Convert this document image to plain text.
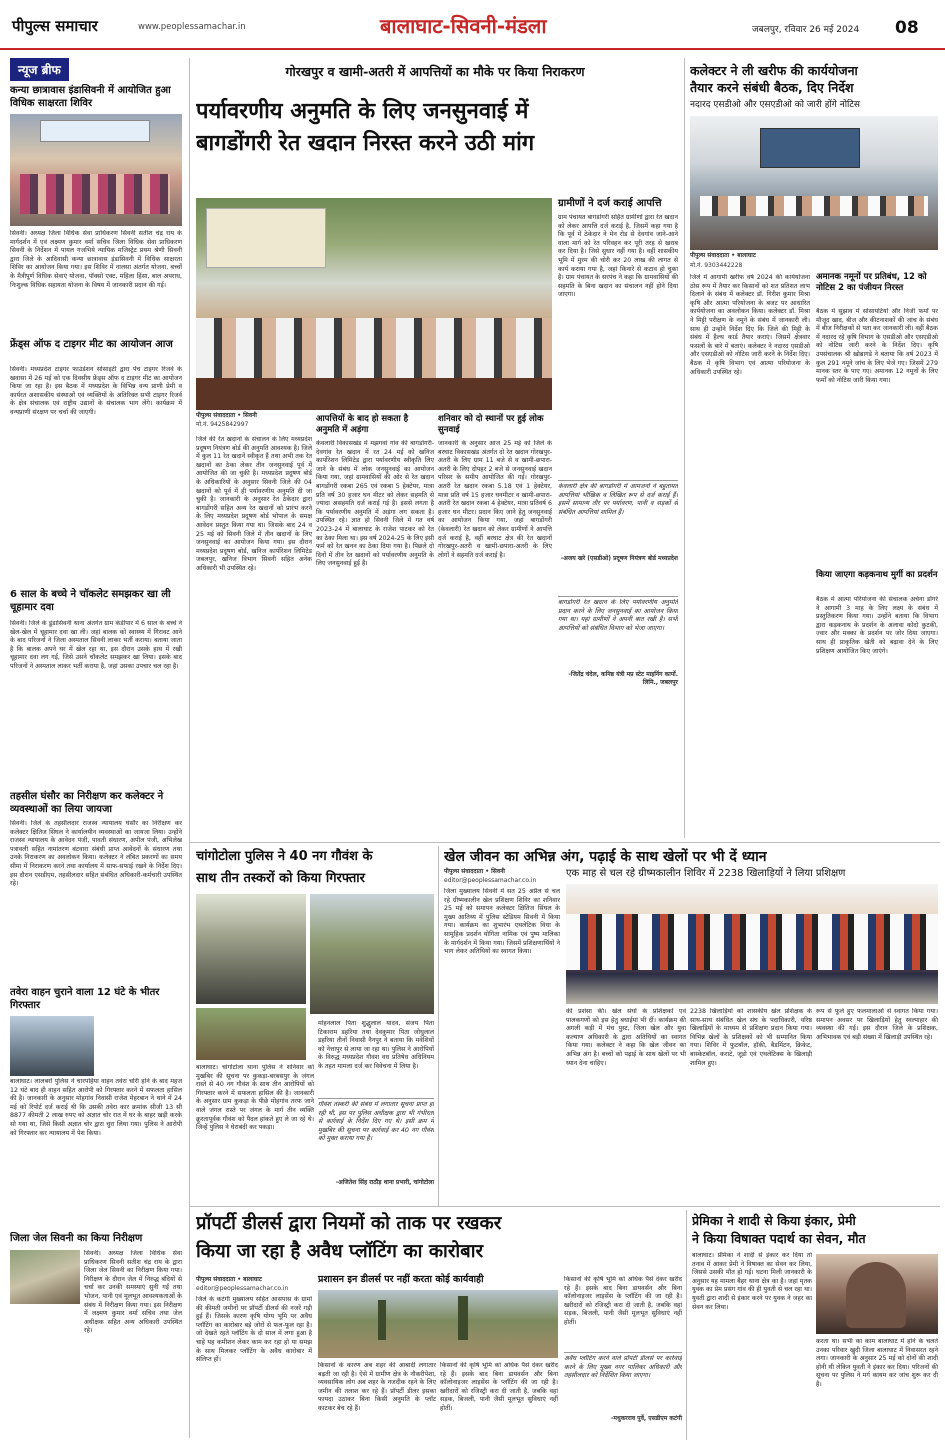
पीपुल्स समाचार	www.peoplessamachar.in	बालाघाट-सिवनी-मंडला	जबलपुर, रविवार 26 मई 2024 08
न्यूज ब्रीफ
कन्या छात्रावास इंडासिवनी में आयोजित हुआ विधिक साक्षरता शिविर
सिवनी। अध्यक्ष जिला विधिक सेवा प्राधिकरण सिवनी सतीश चंद्र राय के मार्गदर्शन में एवं लक्ष्मण कुमार वर्मा सचिव जिला विधिक सेवा प्राधिकरण सिवनी के निर्देशन में पायल गजभिये न्यायिक मजिस्ट्रेट प्रथम श्रेणी सिवनी द्वारा जिले के आदिवासी कन्या छात्रावास इंडासिवनी में विधिक साक्षरता शिविर का आयोजन किया गया। इस शिविर में नालसा अंतर्गत योजना, बच्चों के मैत्रीपूर्ण विधिक सेवाएं योजना, पॉक्सो एक्ट, महिला हिंसा, बाल अपराध, निःशुल्क विधिक सहायता योजना के विषय में जानकारी प्रदान की गई।
फ्रेंड्स ऑफ द टाइगर मीट का आयोजन आज
सिवनी। मध्यप्रदेश टाइगर फाउंडेशन सोसाइटी द्वारा पेंच टाइगर रिजर्व के खवासा में 26 मई को एक दिवसीय फ्रेंड्स ऑफ द टाइगर मीट का आयोजन किया जा रहा है। इस बैठक में मध्यप्रदेश के विभिन्न वन्य प्राणी प्रेमी व कार्यरत अशासकीय संस्थाओं एवं व्यक्तियों के अतिरिक्त सभी टाइगर रिजर्व के क्षेत्र संचालक एवं राष्ट्रीय उद्यानों के संचालक भाग लेंगे। कार्यक्रम में वन्यप्राणी संरक्षण पर चर्चा की जाएगी।
6 साल के बच्चे ने चॉकलेट समझकर खा ली चूहामार दवा
सिवनी। जिले के डूंडासिवनी थाना अंतर्गत ग्राम कंडीपार में 6 साल के बच्चे ने खेल-खेल में चूहामार दवा खा ली। जहां बालक को स्वास्थ्य में गिरावट आने के बाद परिजनों ने जिला अस्पताल सिवनी लाकर भर्ती कराया। बताया जाता है कि बालक अपने घर में खेल रहा था, इस दौरान उसके हाथ में रखी चूहामार दवा लग गई, जिसे उसने चॉकलेट समझकर खा लिया। इसके बाद परिजनों ने अस्पताल लाकर भर्ती कराया है, जहां उसका उपचार चल रहा है।
तहसील घंसौर का निरीक्षण कर कलेक्टर ने व्यवस्थाओं का लिया जायजा
सिवनी। जिले के तहसीलदार राजस्व न्यायालय घंसौर का निरीक्षण कर कलेक्टर क्षितिज सिंघल ने कार्यालयीन व्यवस्थाओं का जायजा लिया। उन्होंने राजस्व न्यायालय के आवेदन पंजी, पावती संधारण, अपील पंजी, अभिलेख पत्रावली सहित नामांतरण बंटवारा संबंधी प्राप्त आवेदनों के संधारण तथा उनके निराकरण का अवलोकन किया। कलेक्टर ने लंबित प्रकरणों का समय सीमा में निराकरण करने तथा कार्यालय में साफ-सफाई रखने के निर्देश दिए। इस दौरान एसडीएम, तहसीलदार सहित संबंधित अधिकारी-कर्मचारी उपस्थित रहे।
तवेरा वाहन चुराने वाला 12 घंटे के भीतर गिरफ्तार
बालाघाट। लालबर्रा पुलिस ने चारपहिया वाहन तवेरा चोरी होने के बाद महज 12 घंटे बाद ही वाहन सहित आरोपी को गिरफ्तार करने में सफलता हासिल की है। जानकारी के अनुसार मोहगांव निवासी राजेश मेहरबान ने थाने में 24 मई को रिपोर्ट दर्ज कराई थी कि उसकी तवेरा कार क्रमांक सीजी 13 सी 8877 कीमती 2 लाख रुपए को अज्ञात चोर रात में घर के बाहर खड़ी करके सो गया था, जिसे किसी अज्ञात चोर द्वारा चुरा लिया गया। पुलिस ने आरोपी को गिरफ्तार कर न्यायालय में पेश किया।
जिला जेल सिवनी का किया निरीक्षण
सिवनी। अध्यक्ष जिला विधिक सेवा प्राधिकरण सिवनी सतीश चंद्र राय के द्वारा जिला जेल सिवनी का निरीक्षण किया गया। निरीक्षण के दौरान जेल में निरुद्ध बंदियों से चर्चा कर उनकी समस्याएं सुनी गईं तथा भोजन, पानी एवं मूलभूत आवश्यकताओं के संबंध में निरीक्षण किया गया। इस निरीक्षण में लक्ष्मण कुमार वर्मा सचिव तथा जेल अधीक्षक सहित अन्य अधिकारी उपस्थित रहे।
गोरखपुर व खामी-अतरी में आपत्तियों का मौके पर किया निराकरण
पर्यावरणीय अनुमति के लिए जनसुनवाई में
बागडोंगरी रेत खदान निरस्त करने उठी मांग
पीपुल्स संवाददाता • सिवनी
मो.नं. 9425842997
जिले की रेत खदानों के संचालन के लिए मध्यप्रदेश प्रदूषण नियंत्रण बोर्ड की अनुमति आवश्यक है। जिले में कुल 11 रेत खदानें स्वीकृत हैं तथा अभी तक रेत खदानों का ठेका लेकर तीन जनसुनवाई पूर्व में आयोजित की जा चुकी है। मध्यप्रदेश प्रदूषण बोर्ड के अधिकारियों के अनुसार सिवनी जिले की 04 खदानों को पूर्व में ही पर्यावरणीय अनुमति दी जा चुकी है। जानकारी के अनुसार रेत ठेकेदार द्वारा बागडोंगरी सहित अन्य रेत खदानों को प्रारंभ करने के लिए मध्यप्रदेश प्रदूषण बोर्ड भोपाल के समक्ष आवेदन प्रस्तुत किया गया था। जिसके बाद 24 व 25 मई को सिवनी जिले में तीन खदानों के लिए जनसुनवाई का आयोजन किया गया। इस दौरान मध्यप्रदेश प्रदूषण बोर्ड, खनिज कार्पोरेशन लिमिटेड जबलपुर, खनिज विभाग सिवनी सहित अनेक अधिकारी भी उपस्थित रहे।
आपत्तियों के बाद हो सकता है अनुमति में अड़ंगा
केवलारी विकासखंड में मझगवां गांव की बागडोंगरी-देवगांव रेत खदान में रत 24 मई को खनिज कार्पोरेशन लिमिटेड द्वारा पर्यावरणीय स्वीकृति लिए जाने के संबंध में लोक जनसुनवाई का आयोजन किया गया, जहां ग्रामवासियों की ओर से रेत खदान बागडोंगरी रकबा 265 एवं रकबा 5 हेक्टेयर, मात्रा प्रति वर्ष 30 हजार घन मीटर को लेकर सहमति से ज्यादा असहमति दर्ज कराई गई है। इससे लगता है कि पर्यावरणीय अनुमति में अड़ंगा लग सकता है। उपस्थित रहे। ज्ञात हो सिवनी जिले में गत वर्ष 2023-24 में बालाघाट के राजेश पाटकर को रेत का ठेका मिला था। इस वर्ष 2024-25 के लिए इसी फर्म को रेत खनन का ठेका दिया गया है। पिछले दो दिनों में तीन रेत खदानों को पर्यावरणीय अनुमति के लिए जनसुनवाई हुई है।
शनिवार को दो स्थानों पर हुई लोक सुनवाई
जानकारी के अनुसार आज 25 मई को जिले के बरघाट विकासखंड अंतर्गत दो रेत खदान गोरखपुर-अतरी के लिए ग्राम 11 बजे से व खामी-छपारा-अतरी के लिए दोपहर 2 बजे से जनसुनवाई खदान परिसर के समीप आयोजित की गई। गोरखपुर-अतरी रेत खदान रकबा 5.18 एवं 1 हेक्टेयर, मात्रा प्रति वर्ष 15 हजार घनमीटर व खामी-छपारा-अतरी रेत खदान रकबा 4 हेक्टेयर, मात्रा प्रतिवर्ष 6 हजार घन मीटर। प्रदान किए जाने हेतु जनसुनवाई का आयोजन किया गया, जहां बागडोंगरी (केवलारी) रेत खदान को लेकर ग्रामीणों ने आपत्ति दर्ज कराई है, वहीं बरघाट क्षेत्र की रेत खदानों गोरखपुर-अतरी व खामी-छपारा-अतरी के लिए लोगों ने सहमति दर्ज कराई है।
ग्रामीणों ने दर्ज कराई आपत्ति
ग्राम पंचायत बागडोंगरी सहित ग्रामीणों द्वारा रेत खदान को लेकर आपत्ति दर्ज कराई है, जिसमें कहा गया है कि पूर्व में ठेकेदार ने मेन रोड से देवगांव जाने-आने वाला मार्ग को रेत परिवहन कर पूरी तरह से खराब कर दिया है। जिसे सुधार नहीं गया है। वहीं शासकीय भूमि में मुरम की चोरी कर 20 लाख की लागत से कार्य कराया गया है, जहां किनारे से कटाव हो चुका है। ग्राम पंचायत के सरपंच ने कहा कि ग्रामवासियों की सहमति के बिना खदान का संचालन नहीं होने दिया जाएगा।
केवलारी क्षेत्र की बागडोंगरी में आमजनों ने बहुतायत आपत्तियां भौखिक व लिखित रूप से दर्ज कराई हैं। इसमें सामान्य तौर पर पर्यावरण, पानी व सड़कों से संबंधित आपत्तियां शामिल हैं।
-अजय खरे (एसडीओ) प्रदूषण नियंत्रण बोर्ड मध्यप्रदेश
बागडोंगरी रेत खदान के लिए पर्यावरणीय अनुमति प्रदान करने के लिए जनसुनवाई का आयोजन किया गया था। यहां ग्रामीणों ने अपनी बात रखी है। सभी आपत्तियों को संबंधित विभाग को भेजा जाएगा।
-जितेंद्र चंदेल, कनिष्ठ यंत्री मप्र स्टेट माइनिंग कार्पो. लिमि., जबलपुर
कलेक्टर ने ली खरीफ की कार्ययोजना
तैयार करने संबंधी बैठक, दिए निर्देश
नदारद एसडीओ और एसएडीओ को जारी होंगे नोटिस
पीपुल्स संवाददाता • बालाघाट
मो.नं. 9303442228
जिले में आगामी खरीफ वर्ष 2024 की कार्ययोजना ठोस रूप में तैयार कर किसानों को शत प्रतिशत लाभ दिलाने के संबंध में कलेक्टर डॉ. गिरीश कुमार मिश्रा कृषि और आत्मा परियोजना के बजट पर आधारित कार्ययोजना का अवलोकन किया। कलेक्टर डॉ. मिश्रा ने मिट्टी परीक्षण के नमूने के संबंध में जानकारी ली। साथ ही उन्होंने निर्देश दिए कि जिले की मिट्टी के संबंध में हैल्थ कार्ड तैयार कराएं। जिसमें क्षेत्रवार फसलों के बारे में बताएं। कलेक्टर ने नदारद एसडीओ और एसएडीओ को नोटिस जारी करने के निर्देश दिए। बैठक में कृषि विभाग एवं आत्मा परियोजना के अधिकारी उपस्थित रहे।
अमानक नमूनों पर प्रतिबंध, 12 को नोटिस 2 का पंजीयन निरस्त
बैठक में सुझाव में सोसायटियों और निजी फर्मों पर मौजूद खाद, बीज और कीटनाशकों की जांच के संबंध में बीज निरीक्षकों से पता कर जानकारी ली। वहीं बैठक में नदारद रहे कृषि विभाग के एसडीओ और एसएडीओ को नोटिस जारी करने के निर्देश दिए। कृषि उपसंचालक श्री खोब्रागडे ने बताया कि वर्ष 2023 में कुल 291 नमूने जांच के लिए भेजे गए। जिसमें 279 मानक स्तर के पाए गए। अमानक 12 नमूनों के लिए फर्मों को नोटिस जारी किया गया।
किया जाएगा कड़कनाथ मुर्गी का प्रदर्शन
बैठक में आत्मा परियोजना की संचालक अर्चना डोंगरे ने आगामी 3 माह के लिए लक्ष्य के संबंध में प्रस्तुतिकरण किया गया। उन्होंने बताया कि विभाग द्वारा कड़कनाथ के प्रदर्शन के अलावा कोदो कुटकी, ज्वार और मक्का के प्रदर्शन पर जोर दिया जाएगा। साथ ही प्राकृतिक खेती को बढ़ावा देने के लिए प्रशिक्षण आयोजित किए जाएंगे।
चांगोटोला पुलिस ने 40 नग गौवंश के
साथ तीन तस्करों को किया गिरफ्तार
बालाघाट। चांगोटोला थाना पुलिस ने शनिवार को मुखबिर की सूचना पर कुकड़ा-बरबसपुर के जंगल रास्ते से 40 नग गौवंश के साथ तीन आरोपियों को गिरफ्तार करने में सफलता हासिल की है। जानकारी के अनुसार ग्राम कुकड़ा के पीछे मोहगांव तरफ जाने वाले जंगल रास्ते पर जंगल के मार्ग तीन व्यक्ति क्रूरतापूर्वक गौवंश को पैदल हांकते हुए ले जा रहे थे। जिन्हें पुलिस ने घेराबंदी कर पकड़ा।
मोहनलाल पिता शुद्धुलाल यादव, संजय पिता टिकाराम डहरिया तथा देवकुमार पिता जोधुलाल डहरिया तीनों निवासी नैनपुर ने बताया कि मवेशियों को नेत्तापुर से लाया जा रहा था। पुलिस ने आरोपियों के विरुद्ध मध्यप्रदेश गौवंश वध प्रतिषेध अधिनियम के तहत मामला दर्ज कर विवेचना में लिया है।
गौवंश तस्करी की संबंध में लगातार सूचना प्राप्त हो रही थी, इस पर पुलिस अधीक्षक द्वारा भी गंभीरता से कार्रवाई के निर्देश दिए गए थे। इसी क्रम में मुखबिर की सूचना पर कार्रवाई कर 40 नग गौवंश को मुक्त कराया गया है।
-अजितेश सिंह राठौड़ थाना प्रभारी, चांगोटोला
खेल जीवन का अभिन्न अंग, पढ़ाई के साथ खेलों पर भी दें ध्यान
पीपुल्स संवाददाता • सिवनी
editor@peoplessamachar.co.in
एक माह से चल रहे ग्रीष्मकालीन शिविर में 2238 खिलाड़ियों ने लिया प्रशिक्षण
जिला मुख्यालय सिवनी में सत 25 अप्रैल से चल रहे ग्रीष्मकालीन खेल प्रशिक्षण शिविर का शनिवार 25 मई को समापन कलेक्टर क्षितिज सिंघल के मुख्य आतिथ्य में पुलिस स्टेडियम सिवनी में किया गया। कार्यक्रम का शुभारंभ एथलेटिक विधा के सामूहिक प्रदर्शन योगिता नामिक एवं पुष्प मालिका के मार्गदर्शन में किया गया। जिसमें प्रशिक्षणार्थियों ने भाग लेकर अतिथियों का स्वागत किया।
की प्रशंसा की। खेल संघों के प्रशिक्षकों एवं पालकगणों को इस हेतु बधाईयां भी दीं। कार्यक्रम की अगली कड़ी में मंच पुस्ट, जिला खेल और युवा कल्याण अधिकारी के द्वारा अतिथियों का स्वागत किया गया। कलेक्टर ने कहा कि खेल जीवन का अभिन्न अंग है। बच्चों को पढ़ाई के साथ खेलों पर भी ध्यान देना चाहिए।
2238 खिलाड़ियों को शासकीय खेल प्रशिक्षक के साथ-साथ संबंधित खेल संघ के पदाधिकारी, वरिष्ठ खिलाड़ियों के माध्यम से प्रशिक्षण प्रदान किया गया। विभिन्न खेलों के प्रशिक्षकों को भी सम्मानित किया गया। शिविर में फुटबॉल, हॉकी, बैडमिंटन, क्रिकेट, बास्केटबॉल, कराटे, जूडो एवं एथलेटिक्स के खिलाड़ी शामिल हुए।
रूप से फूले हुए फलमालाओं से स्वागत किया गया। समापन अवसर पर खिलाड़ियों हेतु स्वल्पाहार की व्यवस्था की गई। इस दौरान जिले के प्रशिक्षक, अभिभावक एवं बड़ी संख्या में खिलाड़ी उपस्थित रहे।
प्रॉपर्टी डीलर्स द्वारा नियमों को ताक पर रखकर
किया जा रहा है अवैध प्लॉटिंग का कारोबार
पीपुल्स संवाददाता • बालाघाट
editor@peoplessamachar.co.in
जिले के कटंगी मुख्यालय सहित आसपास के ग्रामों की कीमती जमीनों पर प्रॉपर्टी डीलर्स की नजरें गड़ी हुई हैं। जिसके कारण कृषि योग्य भूमि पर अवैध प्लॉटिंग का कारोबार बड़े जोरों से फल-फूल रहा है। जो देखते रहते प्लॉटिंग के दो साल में लगा हुआ है चाहे यह कमीशन लेकर काम कर रहा हो या समझ के साथ मिलकर प्लॉटिंग के अवैध कारोबार में संलिप्त हों।
प्रशासन इन डीलर्स पर नहीं करता कोई कार्यवाही
किसानों के कारण अब शहर की आबादी लगातार बढ़ती जा रही है। ऐसे में ग्रामीण क्षेत्र के नौकरीपेशा, व्यवसायिक लोग अब शहर के नजदीक रहने के लिए जमीन की तलाश कर रहे हैं। प्रॉपर्टी डीलर इसका फायदा उठाकर बिना किसी अनुमति के प्लॉट काटकर बेच रहे हैं।
किसानों की कृषि भूमि को अधिक पैसे देकर खरीद रहे हैं। इसके बाद बिना डायवर्सन और बिना कॉलोनाइजर लाइसेंस के प्लॉटिंग की जा रही है। खरीदारों को रजिस्ट्री करा दी जाती है, जबकि वहां सड़क, बिजली, पानी जैसी मूलभूत सुविधाएं नहीं होतीं।
किसानों की कृषि भूमि को अधिक पैसे देकर खरीद रहे हैं। इसके बाद बिना डायवर्सन और बिना कॉलोनाइजर लाइसेंस के प्लॉटिंग की जा रही है। खरीदारों को रजिस्ट्री करा दी जाती है, जबकि वहां सड़क, बिजली, पानी जैसी मूलभूत सुविधाएं नहीं होतीं।
अवैध प्लॉटिंग करने वाले प्रॉपर्टी डीलर्स पर कार्रवाई करने के लिए मुख्य नगर पालिका अधिकारी और तहसीलदार को निर्देशित किया जाएगा।
-मधुकरराव पुर्वे, एसडीएम कटंगी
प्रेमिका ने शादी से किया इंकार, प्रेमी
ने किया विषाक्त पदार्थ का सेवन, मौत
बालाघाट। प्रेमिका ने शादी से इंकार कर दिया तो तनाव में आकर प्रेमी ने विषाक्त का सेवन कर लिया, जिससे उसकी मौत हो गई। घटना मिली जानकारी के अनुसार यह मामला बैहर थाना क्षेत्र का है। जहां मृतक युवक का प्रेम प्रसंग गांव की ही युवती से चल रहा था। युवती द्वारा शादी से इंकार करने पर युवक ने जहर का सेवन कर लिया।
करता था। सभी का काम बालाघाट में होने के चलते उनका परिवार खुदी जिला बालाघाट में निवासरत रहने लगा। जानकारी के अनुसार 25 मई को दोनों की शादी होनी थी लेकिन युवती ने इंकार कर दिया। परिजनों की सूचना पर पुलिस ने मर्ग कायम कर जांच शुरू कर दी है।
